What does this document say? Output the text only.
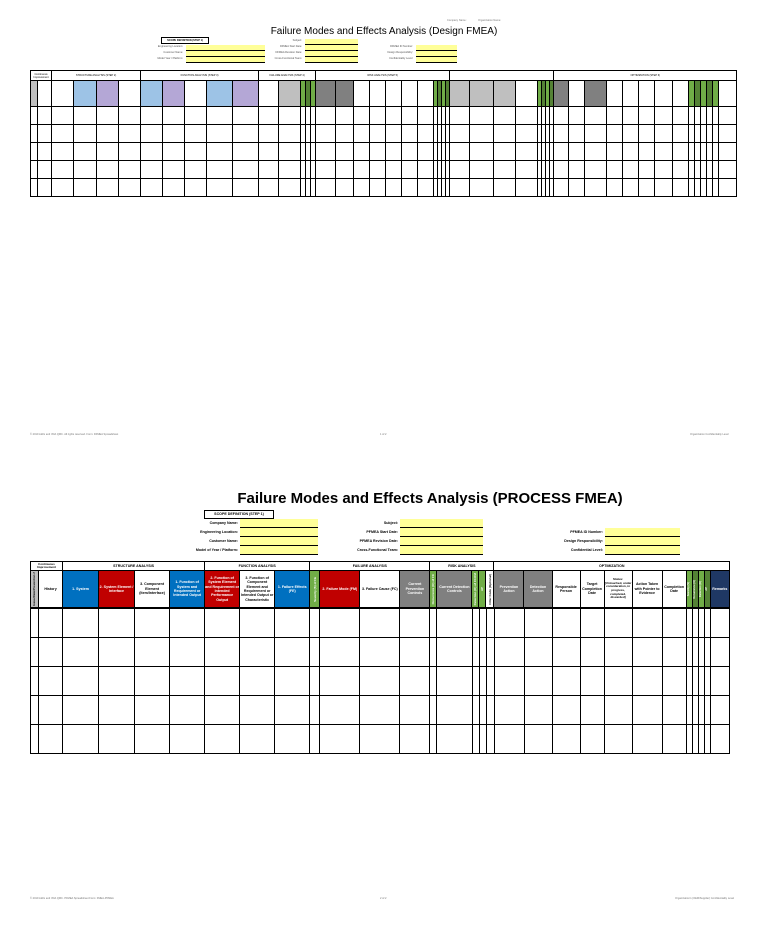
Company Name:	Organization Name:
Failure Modes and Effects Analysis (Design FMEA)
SCOPE DEFINITION (STEP 1)
Engineering Location:
Customer Name:
Model Year / Platform:
Subject:
DFMEA Start Date:
DFMEA Revision Date:
Cross-Functional Team:
DFMEA ID Number:
Design Responsibility:
Confidentiality Level:
Continuous Improvement		STRUCTURE ANALYSIS (STEP 2)				FUNCTION ANALYSIS (STEP 3)					FAILURE ANALYSIS (STEP 4)					RISK ANALYSIS (STEP 5)																			OPTIMIZATION (STEP 6)													

© 2019 AIAG and VDA QMC. All rights reserved. Form: DFMEA Spreadsheet	1 of 2	Organization Confidentiality Level
Failure Modes and Effects Analysis (PROCESS FMEA)
SCOPE DEFINITION (STEP 1)
Company Name:
Engineering Location:
Customer Name:
Model of Year / Platform:
Subject:
PFMEA Start Date:
PFMEA Revision Date:
Cross-Functional Team:
PFMEA ID Number:
Design Responsibility:
Confidential Level:
Continuous Improvement		STRUCTURE ANALYSIS				FUNCTION ANALYSIS			FAILURE ANALYSIS				RISK ANALYSIS					OPTIMIZATION											

Issue/Date/Prevention #	History	1. System	2. System Element / Interface	3. Component Element (Item/Interface)	1. Function of System and Requirement or Intended Output	2. Function of System Element and Requirement or Intended Performance Output	3. Function of Component Element and Requirement or Intended Output or Characteristic	1. Failure Effects (FE)	Severity (S) of FE	2. Failure Mode (FM)	3. Failure Cause (FC)	Current Prevention Controls	Occurrence (O) of FC	Current Detection Controls	Detection (D) of FC/FM	AP	Filter Code (Optional)	Prevention Action	Detection Action	Responsible Person	Target Completion Date	Status: [Untouched, under consideration, in progress, completed, discarded]	Action Taken with Pointer to Evidence	Completion Date	Severity (S)	Occurrence (O)	Detection (D)	AP	Remarks

© 2019 AIAG and VDA QMC. PFMEA Spreadsheet Form: FMEA-PFMEA	2 of 2	Organization's (OEM/Supplier) Confidentiality Level
